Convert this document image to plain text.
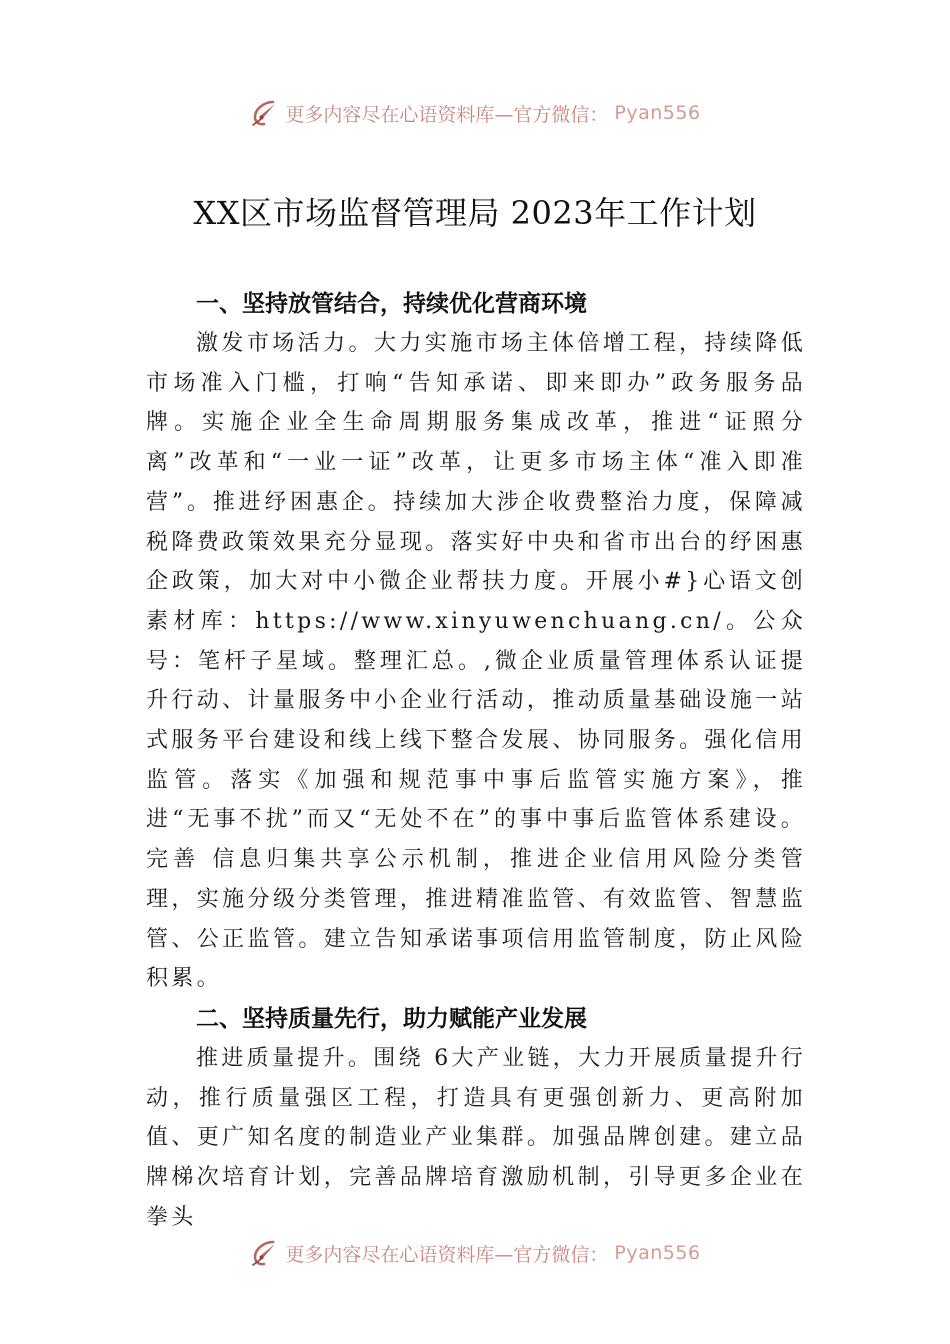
更多内容尽在心语资料库—官方微信： Pyan556
XX区市场监督管理局 2023年工作计划
一、坚持放管结合，持续优化营商环境

激发市场活力。大力实施市场主体倍增工程，持续降低市场准入门槛，打响“告知承诺、即来即办”政务服务品牌。实施企业全生命周期服务集成改革，推进“证照分离”改革和“一业一证”改革，让更多市场主体“准入即准营”。推进纾困惠企。持续加大涉企收费整治力度，保障减税降费政策效果充分显现。落实好中央和省市出台的纾困惠企政策，加大对中小微企业帮扶力度。开展小#}心语文创素材库：https://www.xinyuwenchuang.cn/。公众号：笔杆子星域。整理汇总。,微企业质量管理体系认证提升行动、计量服务中小企业行活动，推动质量基础设施一站式服务平台建设和线上线下整合发展、协同服务。强化信用监管。落实《加强和规范事中事后监管实施方案》，推进“无事不扰”而又“无处不在”的事中事后监管体系建设。完善 信息归集共享公示机制，推进企业信用风险分类管理，实施分级分类管理，推进精准监管、有效监管、智慧监管、公正监管。建立告知承诺事项信用监管制度，防止风险积累。

二、坚持质量先行，助力赋能产业发展

推进质量提升。围绕 6大产业链，大力开展质量提升行动，推行质量强区工程，打造具有更强创新力、更高附加值、更广知名度的制造业产业集群。加强品牌创建。建立品牌梯次培育计划，完善品牌培育激励机制，引导更多企业在拳头

更多内容尽在心语资料库—官方微信： Pyan556
